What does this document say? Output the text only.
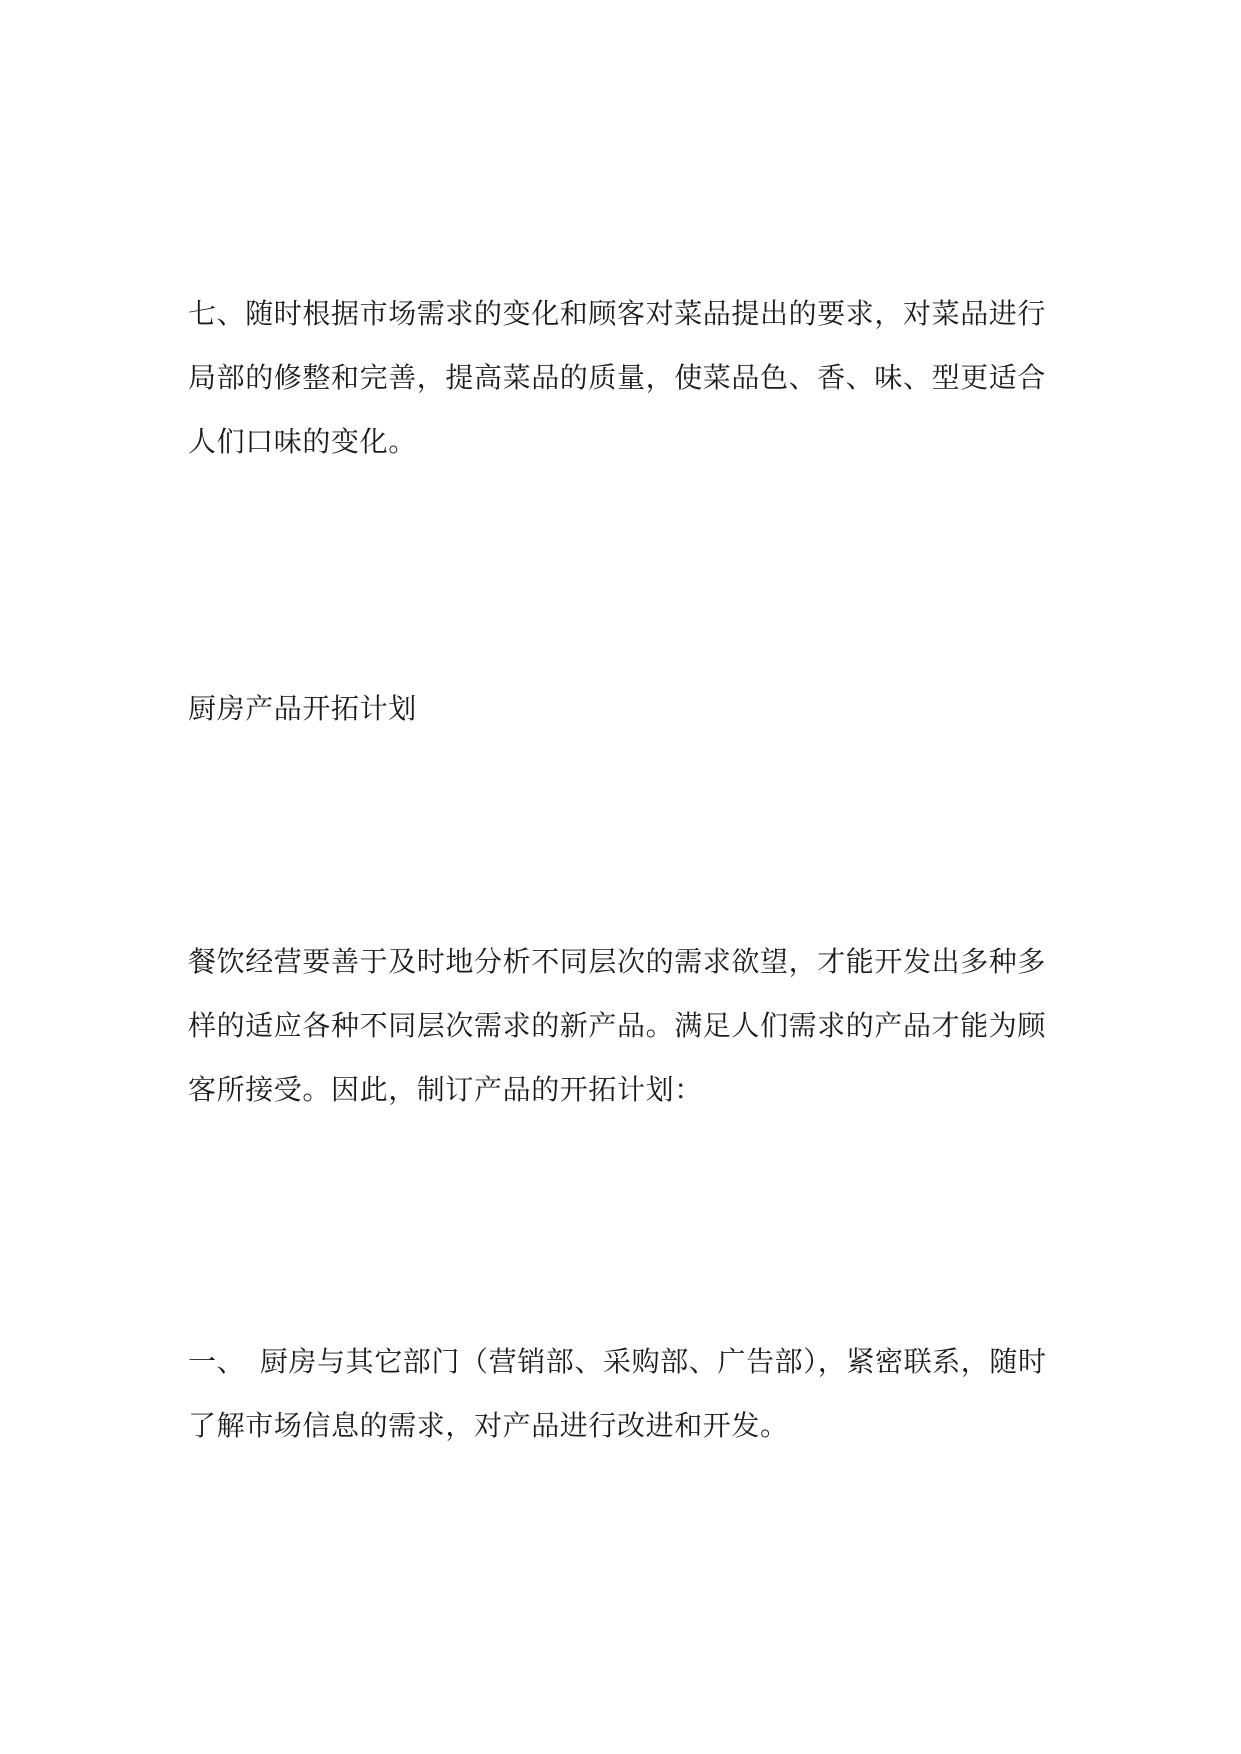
七、随时根据市场需求的变化和顾客对菜品提出的要求，对菜品进行局部的修整和完善，提高菜品的质量，使菜品色、香、味、型更适合人们口味的变化。

厨房产品开拓计划

餐饮经营要善于及时地分析不同层次的需求欲望，才能开发出多种多样的适应各种不同层次需求的新产品。满足人们需求的产品才能为顾客所接受。因此，制订产品的开拓计划：

一、　厨房与其它部门（营销部、采购部、广告部），紧密联系，随时了解市场信息的需求，对产品进行改进和开发。
